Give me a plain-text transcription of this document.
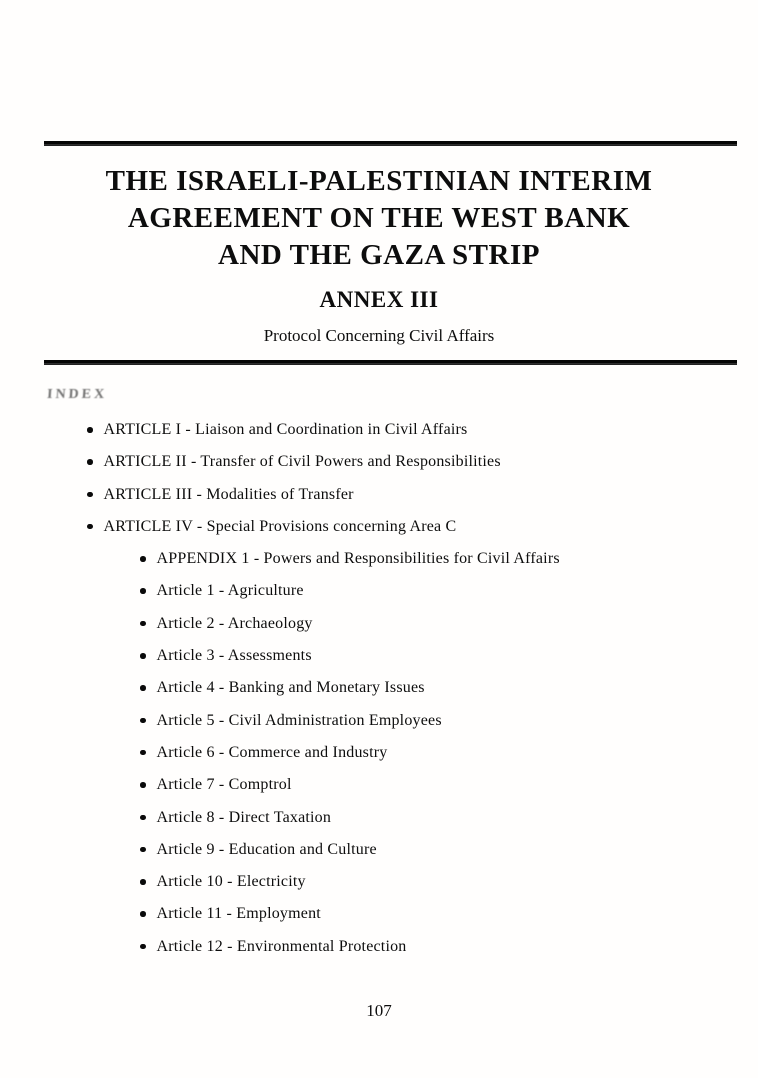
THE ISRAELI-PALESTINIAN INTERIM
AGREEMENT ON THE WEST BANK
AND THE GAZA STRIP
ANNEX III
Protocol Concerning Civil Affairs
INDEX
ARTICLE I - Liaison and Coordination in Civil Affairs
ARTICLE II - Transfer of Civil Powers and Responsibilities
ARTICLE III - Modalities of Transfer
ARTICLE IV - Special Provisions concerning Area C
APPENDIX 1 - Powers and Responsibilities for Civil Affairs
Article 1 - Agriculture
Article 2 - Archaeology
Article 3 - Assessments
Article 4 - Banking and Monetary Issues
Article 5 - Civil Administration Employees
Article 6 - Commerce and Industry
Article 7 - Comptrol
Article 8 - Direct Taxation
Article 9 - Education and Culture
Article 10 - Electricity
Article 11 - Employment
Article 12 - Environmental Protection
107
